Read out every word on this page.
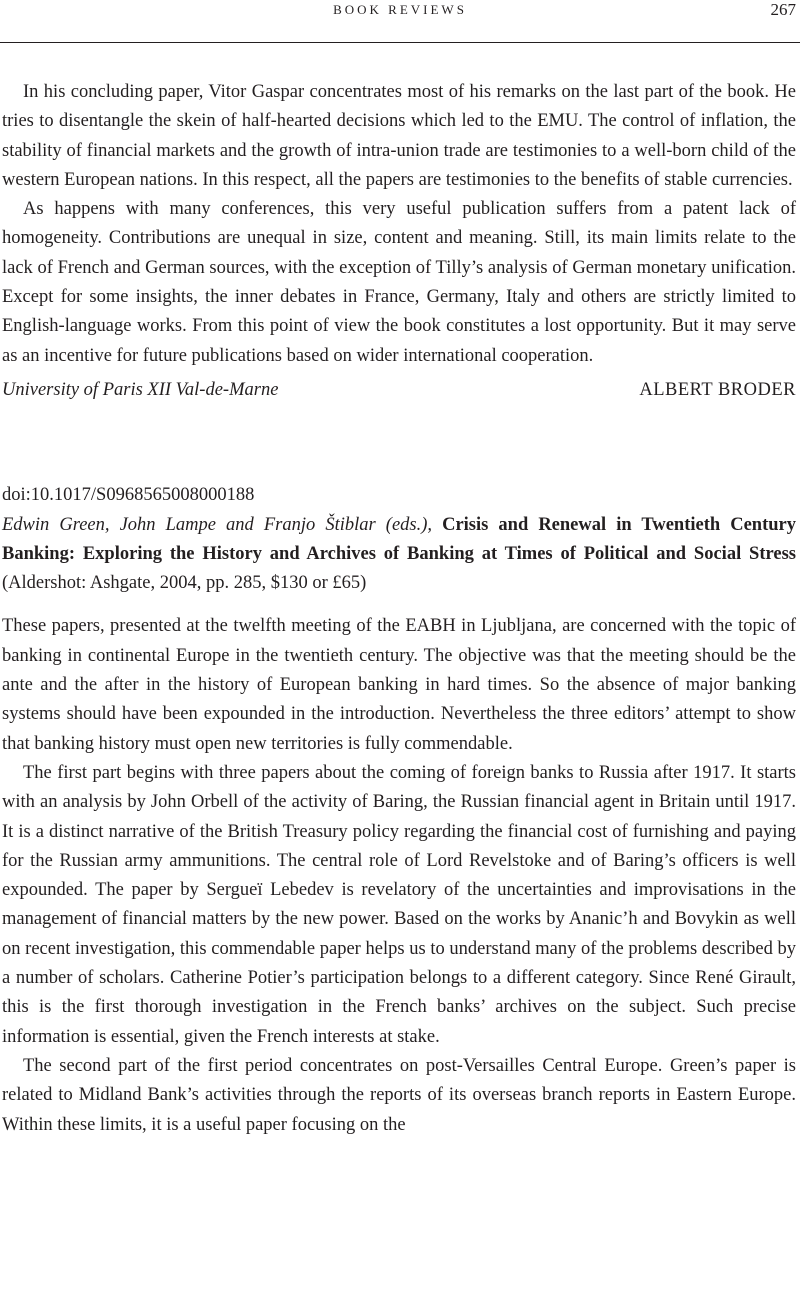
BOOK REVIEWS	267

In his concluding paper, Vitor Gaspar concentrates most of his remarks on the last part of the book. He tries to disentangle the skein of half-hearted decisions which led to the EMU. The control of inflation, the stability of financial markets and the growth of intra-union trade are testimonies to a well-born child of the western European nations. In this respect, all the papers are testimonies to the benefits of stable currencies.

As happens with many conferences, this very useful publication suffers from a patent lack of homogeneity. Contributions are unequal in size, content and meaning. Still, its main limits relate to the lack of French and German sources, with the exception of Tilly’s analysis of German monetary unification. Except for some insights, the inner debates in France, Germany, Italy and others are strictly limited to English-language works. From this point of view the book constitutes a lost opportunity. But it may serve as an incentive for future publications based on wider international cooperation.

University of Paris XII Val-de-Marne	ALBERT BRODER
doi:10.1017/S0968565008000188
Edwin Green, John Lampe and Franjo Štiblar (eds.), Crisis and Renewal in Twentieth Century Banking: Exploring the History and Archives of Banking at Times of Political and Social Stress (Aldershot: Ashgate, 2004, pp. 285, $130 or £65)

These papers, presented at the twelfth meeting of the EABH in Ljubljana, are concerned with the topic of banking in continental Europe in the twentieth century. The objective was that the meeting should be the ante and the after in the history of European banking in hard times. So the absence of major banking systems should have been expounded in the introduction. Nevertheless the three editors’ attempt to show that banking history must open new territories is fully commendable.

The first part begins with three papers about the coming of foreign banks to Russia after 1917. It starts with an analysis by John Orbell of the activity of Baring, the Russian financial agent in Britain until 1917. It is a distinct narrative of the British Treasury policy regarding the financial cost of furnishing and paying for the Russian army ammunitions. The central role of Lord Revelstoke and of Baring’s officers is well expounded. The paper by Sergueï Lebedev is revelatory of the uncertainties and improvisations in the management of financial matters by the new power. Based on the works by Ananic’h and Bovykin as well on recent investigation, this commendable paper helps us to understand many of the problems described by a number of scholars. Catherine Potier’s participation belongs to a different category. Since René Girault, this is the first thorough investigation in the French banks’ archives on the subject. Such precise information is essential, given the French interests at stake.

The second part of the first period concentrates on post-Versailles Central Europe. Green’s paper is related to Midland Bank’s activities through the reports of its overseas branch reports in Eastern Europe. Within these limits, it is a useful paper focusing on the
